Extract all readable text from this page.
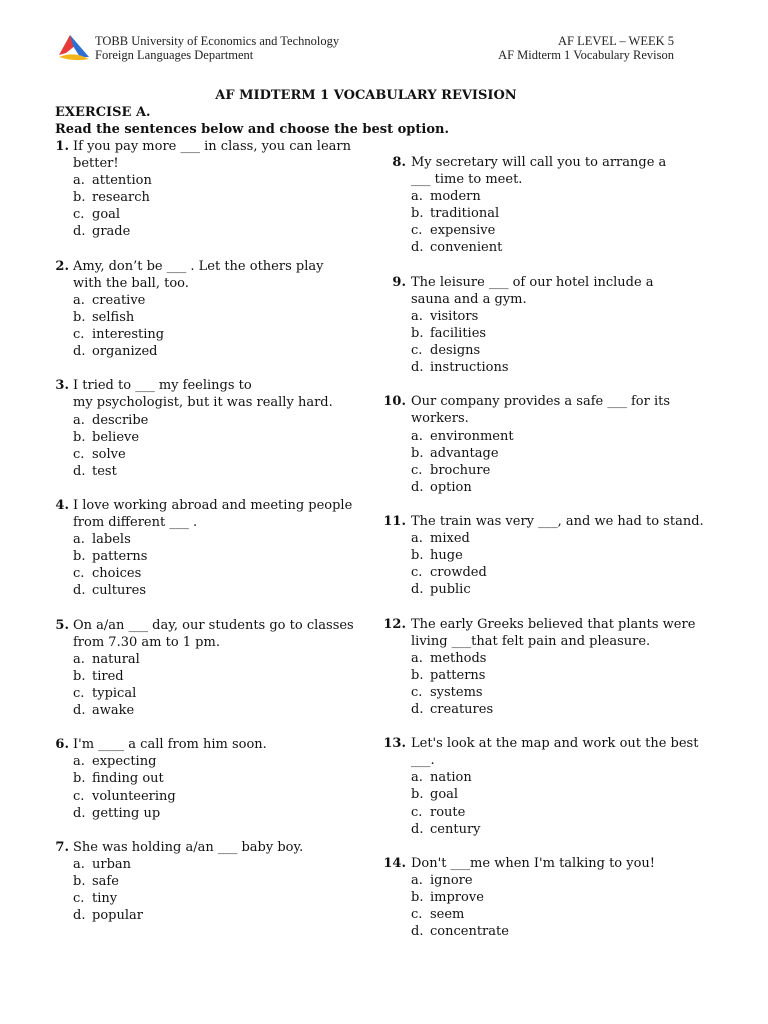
TOBB University of Economics and Technology
Foreign Languages Department
AF LEVEL – WEEK 5
AF Midterm 1 Vocabulary Revison
AF MIDTERM 1 VOCABULARY REVISION
EXERCISE A.
Read the sentences below and choose the best option.
1. If you pay more ___ in class, you can learn
better!
a. attention
b. research
c. goal
d. grade
2. Amy, don’t be ___ . Let the others play
with the ball, too.
a. creative
b. selfish
c. interesting
d. organized
3. I tried to ___ my feelings to
my psychologist, but it was really hard.
a. describe
b. believe
c. solve
d. test
4. I love working abroad and meeting people
from different ___ .
a. labels
b. patterns
c. choices
d. cultures
5. On a/an ___ day, our students go to classes
from 7.30 am to 1 pm.
a. natural
b. tired
c. typical
d. awake
6. I'm ____ a call from him soon.
a. expecting
b. finding out
c. volunteering
d. getting up
7. She was holding a/an ___ baby boy.
a. urban
b. safe
c. tiny
d. popular
8. My secretary will call you to arrange a
___ time to meet.
a. modern
b. traditional
c. expensive
d. convenient
9. The leisure ___ of our hotel include a
sauna and a gym.
a. visitors
b. facilities
c. designs
d. instructions
10. Our company provides a safe ___ for its
workers.
a. environment
b. advantage
c. brochure
d. option
11. The train was very ___, and we had to stand.
a. mixed
b. huge
c. crowded
d. public
12. The early Greeks believed that plants were
living ___that felt pain and pleasure.
a. methods
b. patterns
c. systems
d. creatures
13. Let's look at the map and work out the best ___.
a. nation
b. goal
c. route
d. century
14. Don't ___me when I'm talking to you!
a. ignore
b. improve
c. seem
d. concentrate
